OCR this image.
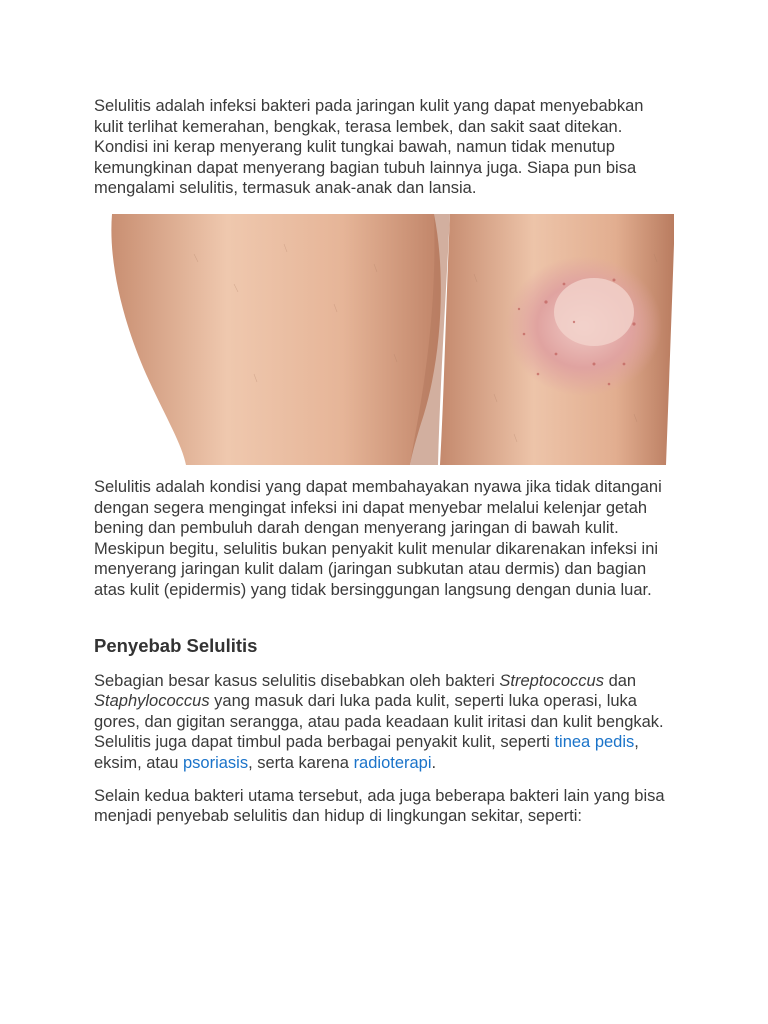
Selulitis adalah infeksi bakteri pada jaringan kulit yang dapat menyebabkan kulit terlihat kemerahan, bengkak, terasa lembek, dan sakit saat ditekan. Kondisi ini kerap menyerang kulit tungkai bawah, namun tidak menutup kemungkinan dapat menyerang bagian tubuh lainnya juga. Siapa pun bisa mengalami selulitis, termasuk anak-anak dan lansia.

Selulitis adalah kondisi yang dapat membahayakan nyawa jika tidak ditangani dengan segera mengingat infeksi ini dapat menyebar melalui kelenjar getah bening dan pembuluh darah dengan menyerang jaringan di bawah kulit. Meskipun begitu, selulitis bukan penyakit kulit menular dikarenakan infeksi ini menyerang jaringan kulit dalam (jaringan subkutan atau dermis) dan bagian atas kulit (epidermis) yang tidak bersinggungan langsung dengan dunia luar.

Penyebab Selulitis

Sebagian besar kasus selulitis disebabkan oleh bakteri Streptococcus dan Staphylococcus yang masuk dari luka pada kulit, seperti luka operasi, luka gores, dan gigitan serangga, atau pada keadaan kulit iritasi dan kulit bengkak. Selulitis juga dapat timbul pada berbagai penyakit kulit, seperti tinea pedis, eksim, atau psoriasis, serta karena radioterapi.

Selain kedua bakteri utama tersebut, ada juga beberapa bakteri lain yang bisa menjadi penyebab selulitis dan hidup di lingkungan sekitar, seperti:
